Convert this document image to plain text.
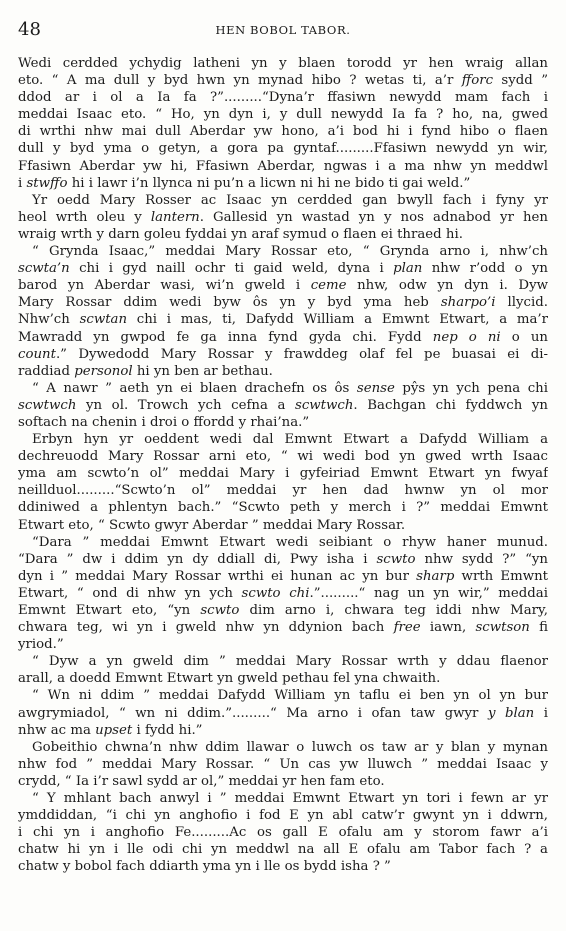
48	HEN BOBOL TABOR.
Wedi cerdded ychydig latheni yn y blaen torodd yr hen wraig allan
eto. “ A ma dull y byd hwn yn mynad hibo ? wetas ti, a’r fforc sydd ”
ddod ar i ol a Ia fa ?”.........“Dyna’r ffasiwn newydd mam fach i
meddai Isaac eto. “ Ho, yn dyn i, y dull newydd Ia fa ? ho, na, gwed
di wrthi nhw mai dull Aberdar yw hono, a’i bod hi i fynd hibo o flaen
dull y byd yma o getyn, a gora pa gyntaf.........Ffasiwn newydd yn wir,
Ffasiwn Aberdar yw hi, Ffasiwn Aberdar, ngwas i a ma nhw yn meddwl
i stwffo hi i lawr i’n llynca ni pu’n a licwn ni hi ne bido ti gai weld.”
Yr oedd Mary Rosser ac Isaac yn cerdded gan bwyll fach i fyny yr
heol wrth oleu y lantern. Gallesid yn wastad yn y nos adnabod yr hen
wraig wrth y darn goleu fyddai yn araf symud o flaen ei thraed hi.
“ Grynda Isaac,” meddai Mary Rossar eto, “ Grynda arno i, nhw’ch
scwta’n chi i gyd naill ochr ti gaid weld, dyna i plan nhw r’odd o yn
barod yn Aberdar wasi, wi’n gweld i ceme nhw, odw yn dyn i. Dyw
Mary Rossar ddim wedi byw ôs yn y byd yma heb sharpo’i llycid.
Nhw’ch scwtan chi i mas, ti, Dafydd William a Emwnt Etwart, a ma’r
Mawradd yn gwpod fe ga inna fynd gyda chi. Fydd nep o ni o un
count.” Dywedodd Mary Rossar y frawddeg olaf fel pe buasai ei di-
raddiad personol hi yn ben ar bethau.
“ A nawr ” aeth yn ei blaen drachefn os ôs sense pŷs yn ych pena chi
scwtwch yn ol. Trowch ych cefna a scwtwch. Bachgan chi fyddwch yn
softach na chenin i droi o ffordd y rhai’na.”
Erbyn hyn yr oeddent wedi dal Emwnt Etwart a Dafydd William a
dechreuodd Mary Rossar arni eto, “ wi wedi bod yn gwed wrth Isaac
yma am scwto’n ol” meddai Mary i gyfeiriad Emwnt Etwart yn fwyaf
neillduol.........“Scwto’n ol” meddai yr hen dad hwnw yn ol mor
ddiniwed a phlentyn bach.” “Scwto peth y merch i ?” meddai Emwnt
Etwart eto, “ Scwto gwyr Aberdar ” meddai Mary Rossar.
“Dara ” meddai Emwnt Etwart wedi seibiant o rhyw haner munud.
“Dara ” dw i ddim yn dy ddiall di, Pwy isha i scwto nhw sydd ?” “yn
dyn i ” meddai Mary Rossar wrthi ei hunan ac yn bur sharp wrth Emwnt
Etwart, “ ond di nhw yn ych scwto chi.”.........“ nag un yn wir,” meddai
Emwnt Etwart eto, “yn scwto dim arno i, chwara teg iddi nhw Mary,
chwara teg, wi yn i gweld nhw yn ddynion bach free iawn, scwtson fi
yriod.”
“ Dyw a yn gweld dim ” meddai Mary Rossar wrth y ddau flaenor
arall, a doedd Emwnt Etwart yn gweld pethau fel yna chwaith.
“ Wn ni ddim ” meddai Dafydd William yn taflu ei ben yn ol yn bur
awgrymiadol, “ wn ni ddim.”.........“ Ma arno i ofan taw gwyr y blan i
nhw ac ma upset i fydd hi.”
Gobeithio chwna’n nhw ddim llawar o luwch os taw ar y blan y mynan
nhw fod ” meddai Mary Rossar. “ Un cas yw lluwch ” meddai Isaac y
crydd, “ Ia i’r sawl sydd ar ol,” meddai yr hen fam eto.
“ Y mhlant bach anwyl i ” meddai Emwnt Etwart yn tori i fewn ar yr
ymddiddan, “i chi yn anghofio i fod E yn abl catw’r gwynt yn i ddwrn,
i chi yn i anghofio Fe.........Ac os gall E ofalu am y storom fawr a’i
chatw hi yn i lle odi chi yn meddwl na all E ofalu am Tabor fach ? a
chatw y bobol fach ddiarth yma yn i lle os bydd isha ? ”
